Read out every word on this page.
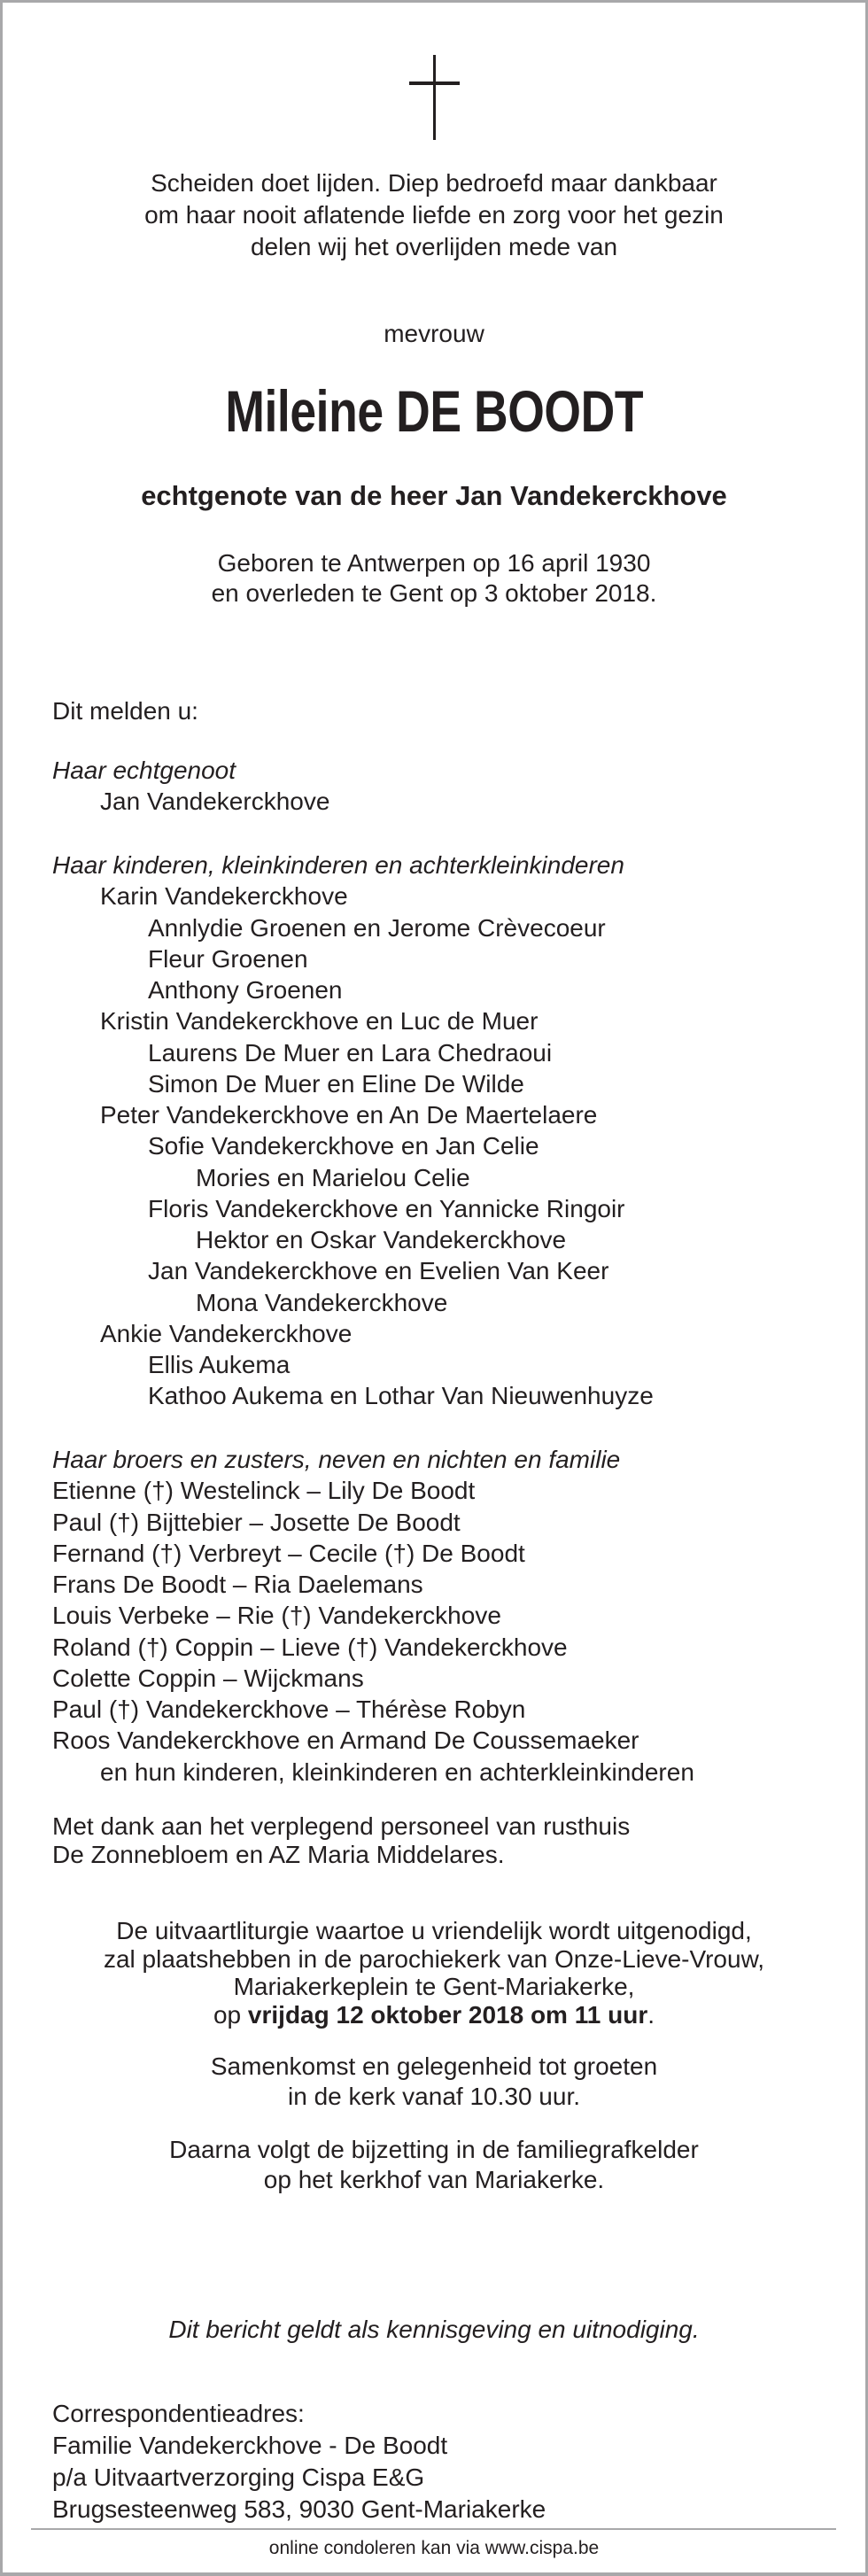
Scheiden doet lijden. Diep bedroefd maar dankbaar
om haar nooit aflatende liefde en zorg voor het gezin
delen wij het overlijden mede van
mevrouw
Mileine DE BOODT
echtgenote van de heer Jan Vandekerckhove
Geboren te Antwerpen op 16 april 1930
en overleden te Gent op 3 oktober 2018.
Dit melden u:
Haar echtgenoot
Jan Vandekerckhove
Haar kinderen, kleinkinderen en achterkleinkinderen
Karin Vandekerckhove
Annlydie Groenen en Jerome Crèvecoeur
Fleur Groenen
Anthony Groenen
Kristin Vandekerckhove en Luc de Muer
Laurens De Muer en Lara Chedraoui
Simon De Muer en Eline De Wilde
Peter Vandekerckhove en An De Maertelaere
Sofie Vandekerckhove en Jan Celie
Mories en Marielou Celie
Floris Vandekerckhove en Yannicke Ringoir
Hektor en Oskar Vandekerckhove
Jan Vandekerckhove en Evelien Van Keer
Mona Vandekerckhove
Ankie Vandekerckhove
Ellis Aukema
Kathoo Aukema en Lothar Van Nieuwenhuyze
Haar broers en zusters, neven en nichten en familie
Etienne (†) Westelinck – Lily De Boodt
Paul (†) Bijttebier – Josette De Boodt
Fernand (†) Verbreyt – Cecile (†) De Boodt
Frans De Boodt – Ria Daelemans
Louis Verbeke – Rie (†) Vandekerckhove
Roland (†) Coppin – Lieve (†) Vandekerckhove
Colette Coppin – Wijckmans
Paul (†) Vandekerckhove – Thérèse Robyn
Roos Vandekerckhove en Armand De Coussemaeker
en hun kinderen, kleinkinderen en achterkleinkinderen
Met dank aan het verplegend personeel van rusthuis
De Zonnebloem en AZ Maria Middelares.
De uitvaartliturgie waartoe u vriendelijk wordt uitgenodigd,
zal plaatshebben in de parochiekerk van Onze-Lieve-Vrouw,
Mariakerkeplein te Gent-Mariakerke,
op vrijdag 12 oktober 2018 om 11 uur.
Samenkomst en gelegenheid tot groeten
in de kerk vanaf 10.30 uur.
Daarna volgt de bijzetting in de familiegrafkelder
op het kerkhof van Mariakerke.
Dit bericht geldt als kennisgeving en uitnodiging.
Correspondentieadres:
Familie Vandekerckhove - De Boodt
p/a Uitvaartverzorging Cispa E&G
Brugsesteenweg 583, 9030 Gent-Mariakerke
online condoleren kan via www.cispa.be
